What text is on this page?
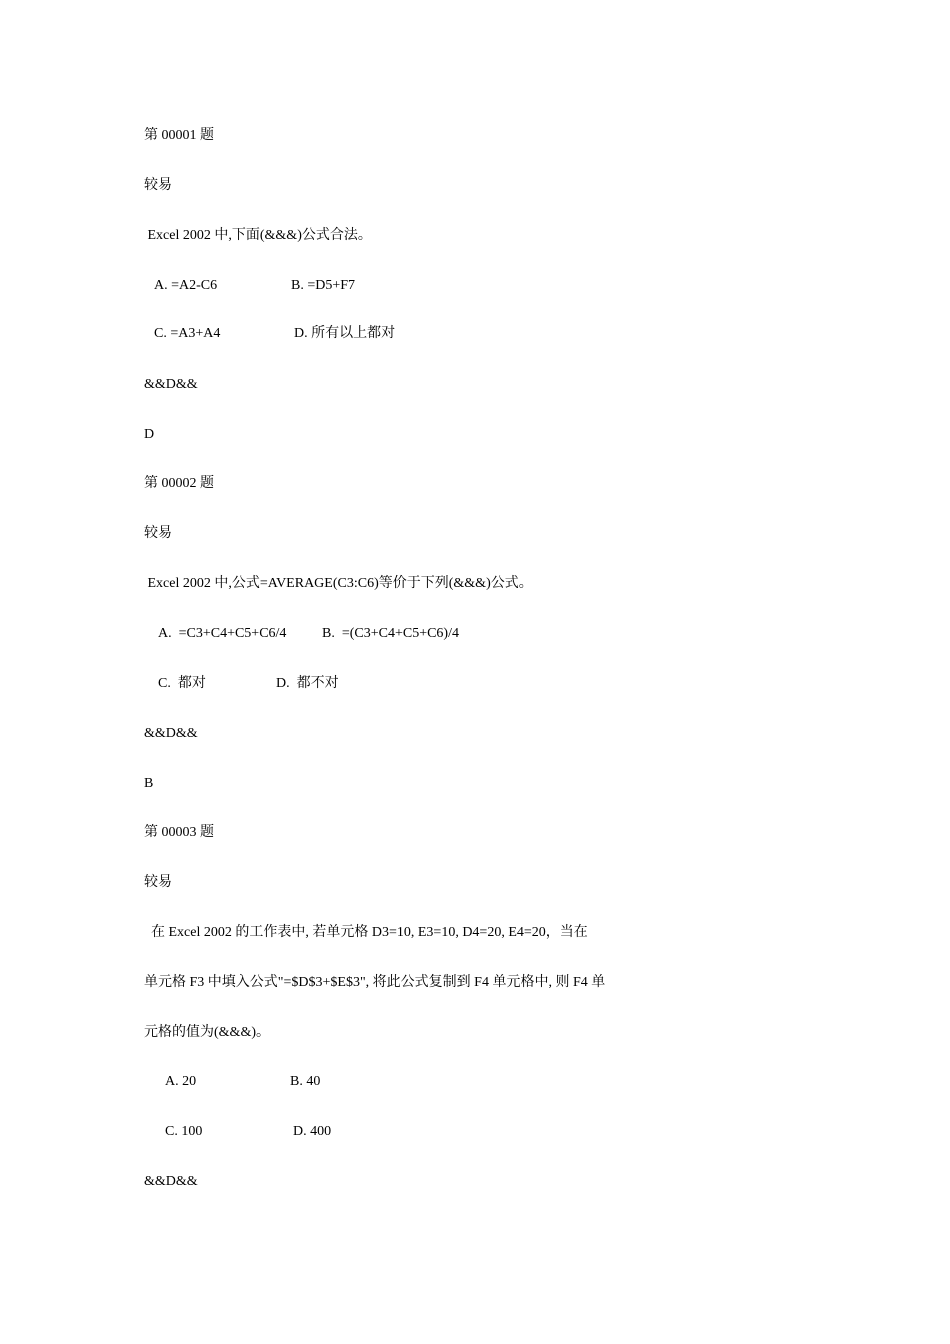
第 00001 题
较易
Excel 2002 中,下面(&&&)公式合法。
A. =A2-C6	B. =D5+F7
C. =A3+A4	D. 所有以上都对
&&D&&
D
第 00002 题
较易
Excel 2002 中,公式=AVERAGE(C3:C6)等价于下列(&&&)公式。
A.  =C3+C4+C5+C6/4	B.  =(C3+C4+C5+C6)/4
C.  都对	D.  都不对
&&D&&
B
第 00003 题
较易
在 Excel 2002 的工作表中, 若单元格 D3=10, E3=10, D4=20, E4=20，当在
单元格 F3 中填入公式"=$D$3+$E$3", 将此公式复制到 F4 单元格中, 则 F4 单
元格的值为(&&&)。
A. 20	B. 40
C. 100	D. 400
&&D&&
